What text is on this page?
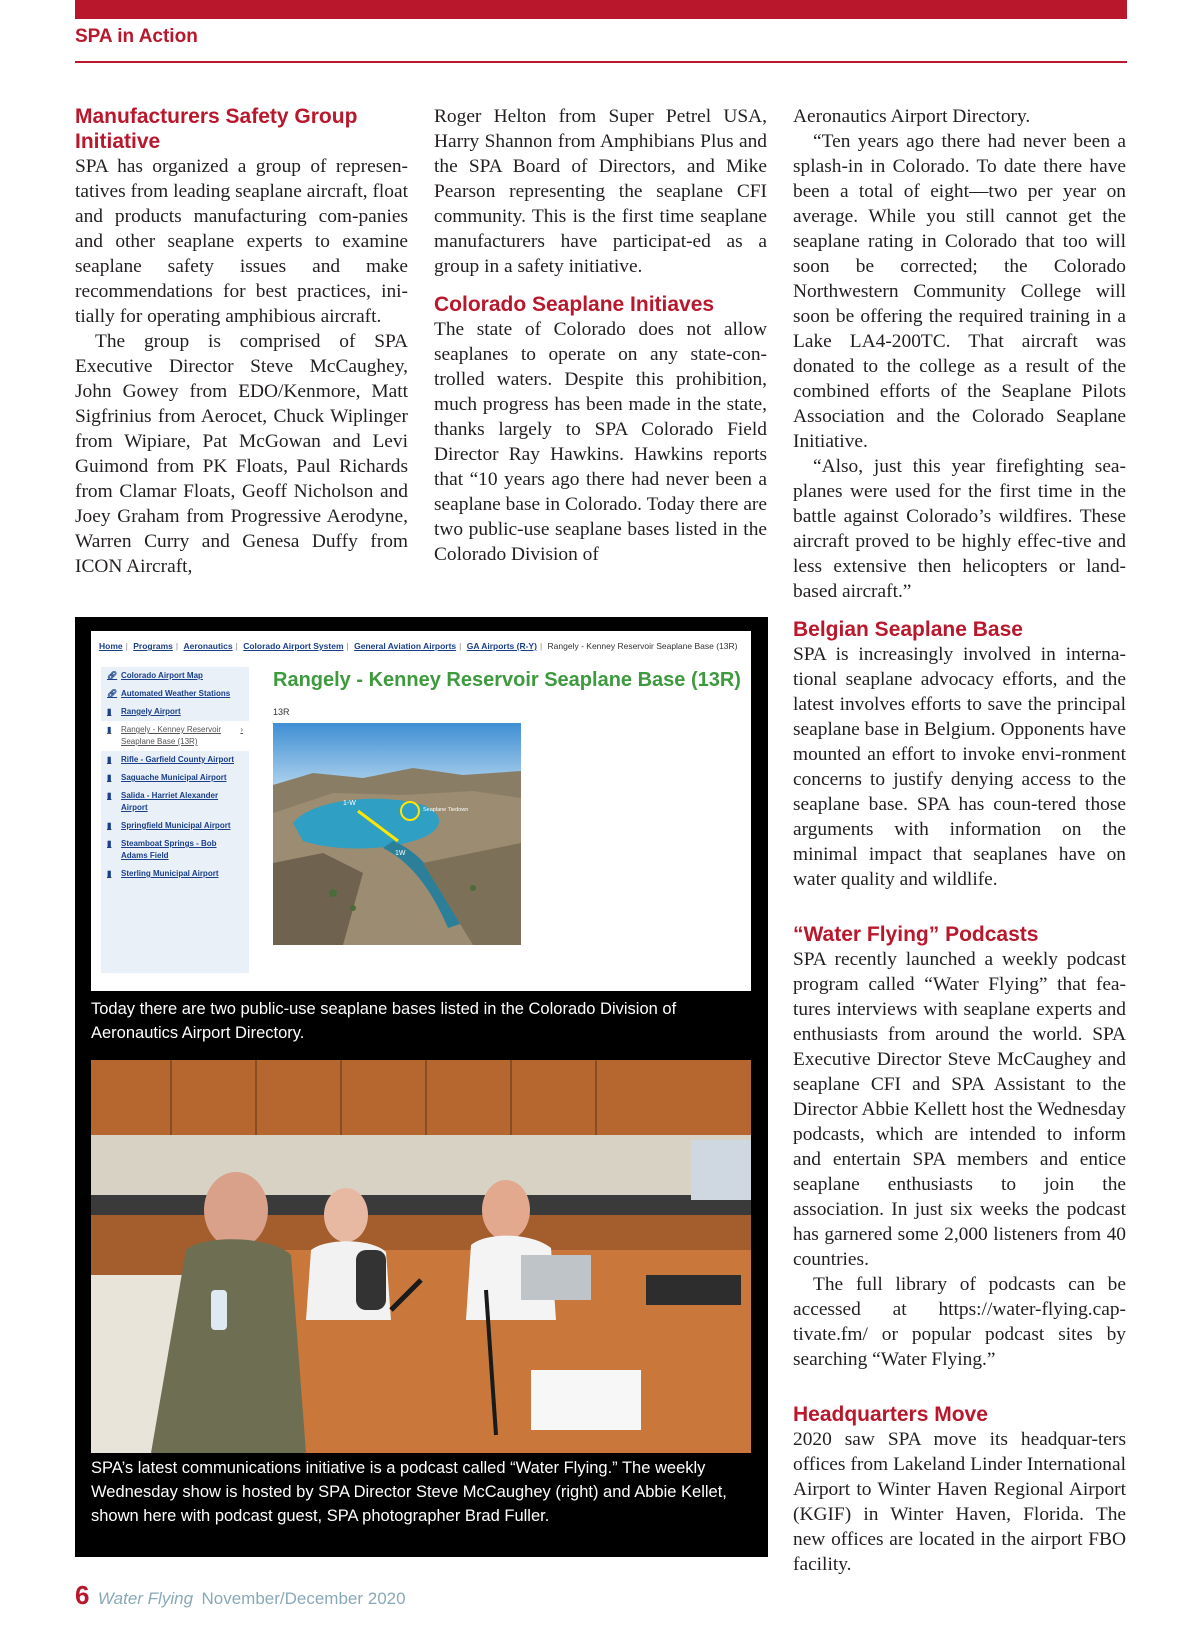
SPA in Action
Manufacturers Safety Group Initiative

SPA has organized a group of represen-tatives from leading seaplane aircraft, float and products manufacturing com-panies and other seaplane experts to examine seaplane safety issues and make recommendations for best practices, ini-tially for operating amphibious aircraft.

The group is comprised of SPA Executive Director Steve McCaughey, John Gowey from EDO/Kenmore, Matt Sigfrinius from Aerocet, Chuck Wiplinger from Wipiare, Pat McGowan and Levi Guimond from PK Floats, Paul Richards from Clamar Floats, Geoff Nicholson and Joey Graham from Progressive Aerodyne, Warren Curry and Genesa Duffy from ICON Aircraft,

Roger Helton from Super Petrel USA, Harry Shannon from Amphibians Plus and the SPA Board of Directors, and Mike Pearson representing the seaplane CFI community. This is the first time seaplane manufacturers have participat-ed as a group in a safety initiative.

Colorado Seaplane Initiaves

The state of Colorado does not allow seaplanes to operate on any state-con-trolled waters. Despite this prohibition, much progress has been made in the state, thanks largely to SPA Colorado Field Director Ray Hawkins. Hawkins reports that “10 years ago there had never been a seaplane base in Colorado. Today there are two public-use seaplane bases listed in the Colorado Division of

Aeronautics Airport Directory.

“Ten years ago there had never been a splash-in in Colorado. To date there have been a total of eight—two per year on average. While you still cannot get the seaplane rating in Colorado that too will soon be corrected; the Colorado Northwestern Community College will soon be offering the required training in a Lake LA4-200TC. That aircraft was donated to the college as a result of the combined efforts of the Seaplane Pilots Association and the Colorado Seaplane Initiative.

“Also, just this year firefighting sea-planes were used for the first time in the battle against Colorado’s wildfires. These aircraft proved to be highly effec-tive and less extensive then helicopters or land-based aircraft.”

Belgian Seaplane Base

SPA is increasingly involved in interna-tional seaplane advocacy efforts, and the latest involves efforts to save the principal seaplane base in Belgium. Opponents have mounted an effort to invoke envi-ronment concerns to justify denying access to the seaplane base. SPA has coun-tered those arguments with information on the minimal impact that seaplanes have on water quality and wildlife.

“Water Flying” Podcasts

SPA recently launched a weekly podcast program called “Water Flying” that fea-tures interviews with seaplane experts and enthusiasts from around the world. SPA Executive Director Steve McCaughey and seaplane CFI and SPA Assistant to the Director Abbie Kellett host the Wednesday podcasts, which are intended to inform and entertain SPA members and entice seaplane enthusiasts to join the association. In just six weeks the podcast has garnered some 2,000 listeners from 40 countries.

The full library of podcasts can be accessed at https://water-flying.cap-tivate.fm/ or popular podcast sites by searching “Water Flying.”

Headquarters Move

2020 saw SPA move its headquar-ters offices from Lakeland Linder International Airport to Winter Haven Regional Airport (KGIF) in Winter Haven, Florida. The new offices are located in the airport FBO facility.

Home | Programs | Aeronautics | Colorado Airport System | General Aviation Airports | GA Airports (R-Y) | Rangely - Kenney Reservoir Seaplane Base (13R)
🔗︎ Colorado Airport Map
🔗︎ Automated Weather Stations
▮	Rangely Airport
▮	Rangely - Kenney Reservoir Seaplane Base (13R)
›
▮	Rifle - Garfield County Airport
▮	Saguache Municipal Airport
▮	Salida - Harriet Alexander Airport
▮	Springfield Municipal Airport
▮	Steamboat Springs - Bob Adams Field
▮	Sterling Municipal Airport
Rangely - Kenney Reservoir Seaplane Base (13R)
13R
1-W
1W
Seaplane Tiedown
Today there are two public-use seaplane bases listed in the Colorado Division of Aeronautics Airport Directory.
SPA’s latest communications initiative is a podcast called “Water Flying.” The weekly Wednesday show is hosted by SPA Director Steve McCaughey (right) and Abbie Kellet, shown here with podcast guest, SPA photographer Brad Fuller.
6 Water Flying November/December 2020
